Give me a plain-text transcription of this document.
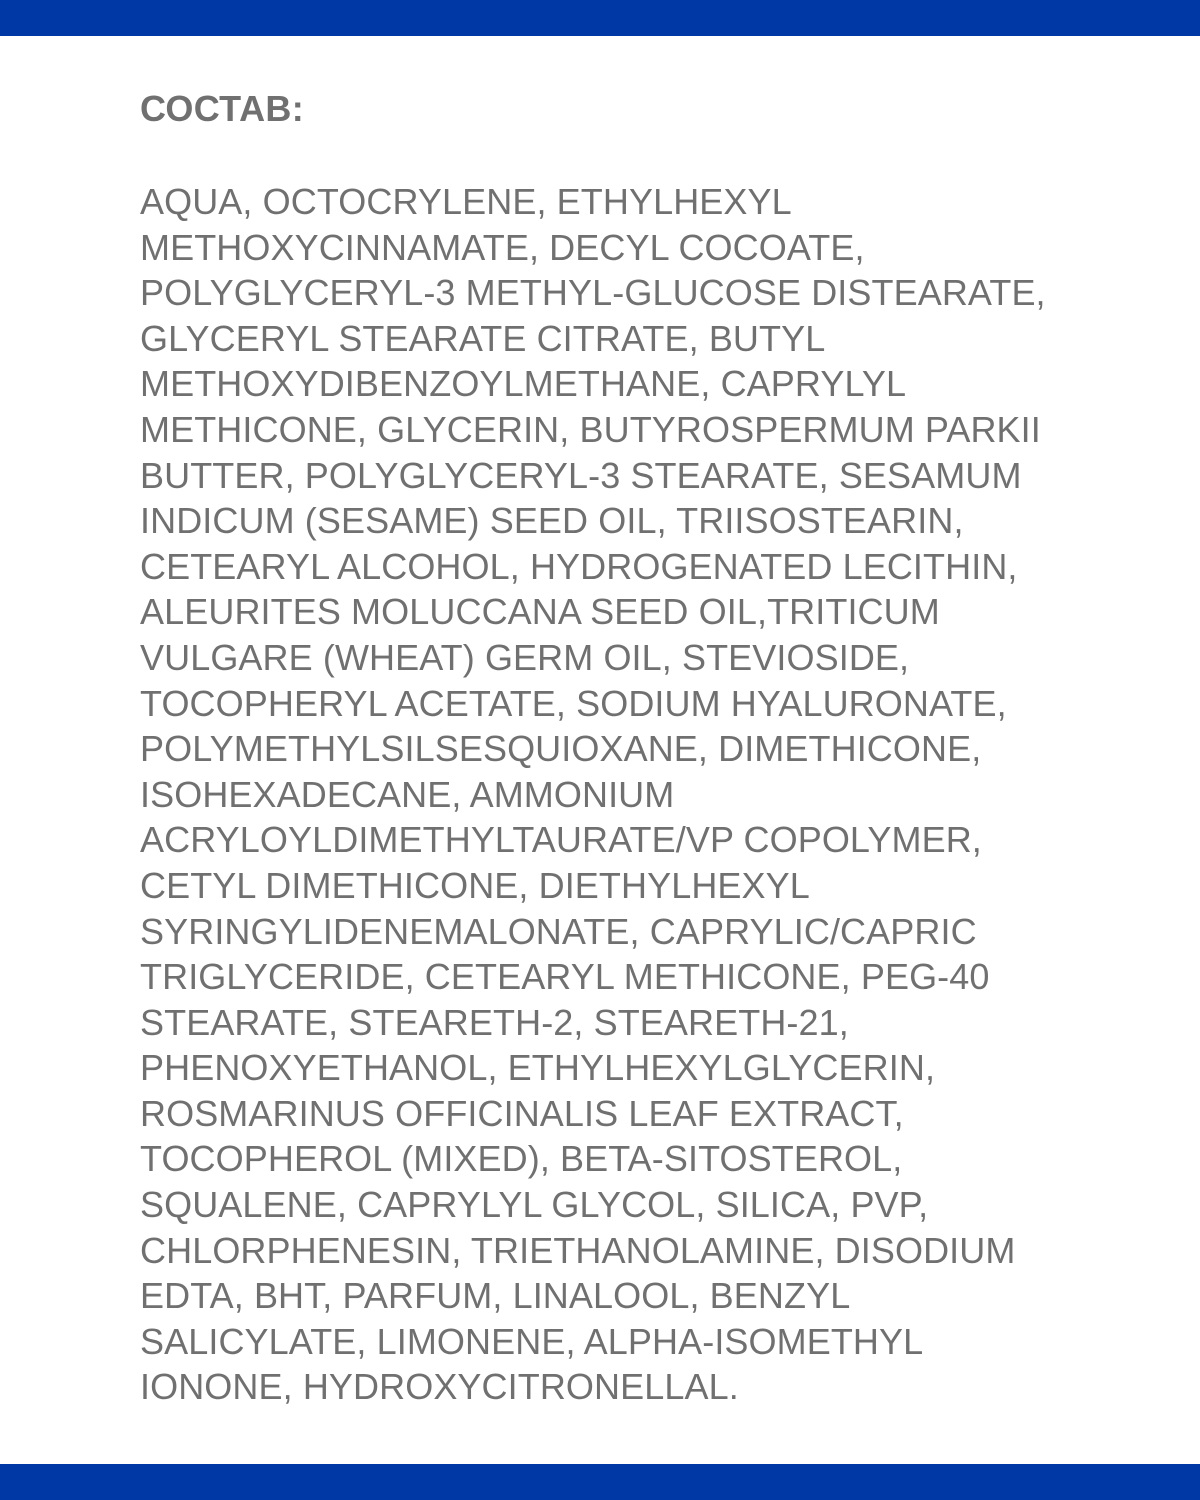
СОСТАВ:

AQUA, OCTOCRYLENE, ETHYLHEXYL
METHOXYCINNAMATE, DECYL COCOATE,
POLYGLYCERYL-3 METHYL-GLUCOSE DISTEARATE,
GLYCERYL STEARATE CITRATE, BUTYL
METHOXYDIBENZOYLMETHANE, CAPRYLYL
METHICONE, GLYCERIN, BUTYROSPERMUM PARKII
BUTTER, POLYGLYCERYL-3 STEARATE, SESAMUM
INDICUM (SESAME) SEED OIL, TRIISOSTEARIN,
CETEARYL ALCOHOL, HYDROGENATED LECITHIN,
ALEURITES MOLUCCANA SEED OIL,TRITICUM
VULGARE (WHEAT) GERM OIL, STEVIOSIDE,
TOCOPHERYL ACETATE, SODIUM HYALURONATE,
POLYMETHYLSILSESQUIOXANE, DIMETHICONE,
ISOHEXADECANE, AMMONIUM
ACRYLOYLDIMETHYLTAURATE/VP COPOLYMER,
CETYL DIMETHICONE, DIETHYLHEXYL
SYRINGYLIDENEMALONATE, CAPRYLIC/CAPRIC
TRIGLYCERIDE, CETEARYL METHICONE, PEG-40
STEARATE, STEARETH-2, STEARETH-21,
PHENOXYETHANOL, ETHYLHEXYLGLYCERIN,
ROSMARINUS OFFICINALIS LEAF EXTRACT,
TOCOPHEROL (MIXED), BETA-SITOSTEROL,
SQUALENE, CAPRYLYL GLYCOL, SILICA, PVP,
CHLORPHENESIN, TRIETHANOLAMINE, DISODIUM
EDTA, BHT, PARFUM, LINALOOL, BENZYL
SALICYLATE, LIMONENE, ALPHA-ISOMETHYL
IONONE, HYDROXYCITRONELLAL.
